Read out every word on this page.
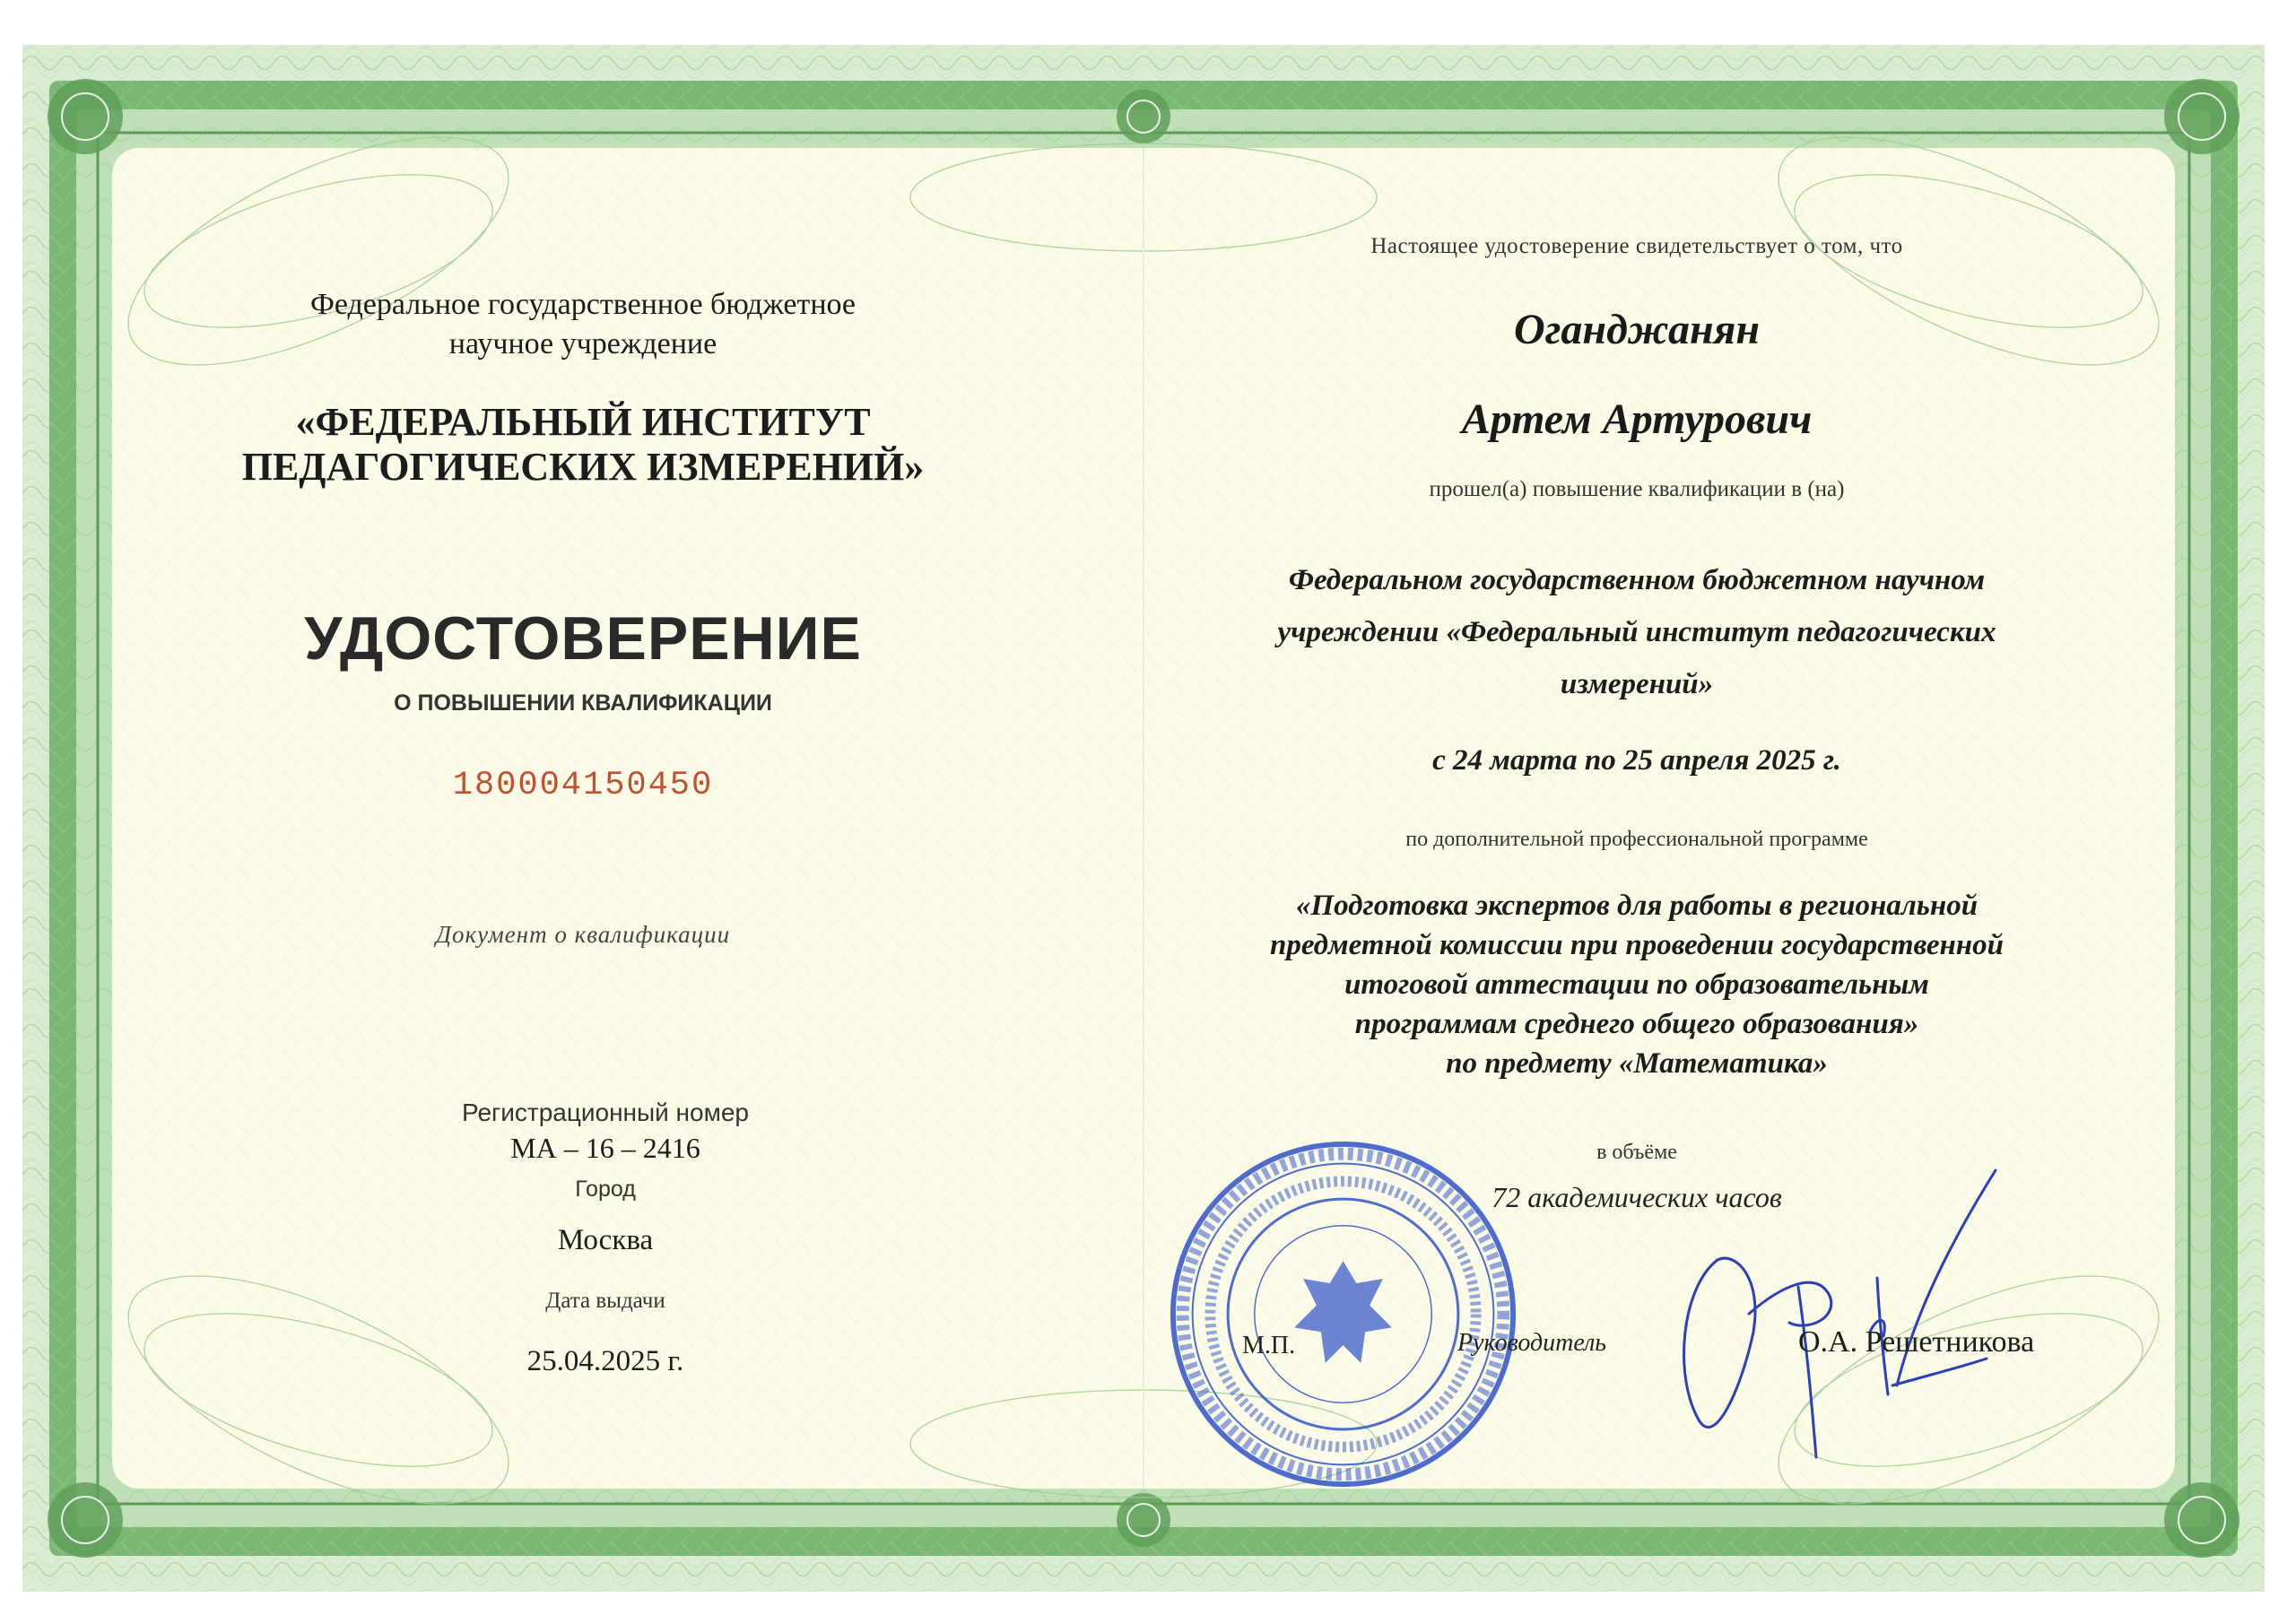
Федеральное государственное бюджетное
научное учреждение
«ФЕДЕРАЛЬНЫЙ ИНСТИТУТ
ПЕДАГОГИЧЕСКИХ ИЗМЕРЕНИЙ»
УДОСТОВЕРЕНИЕ
О ПОВЫШЕНИИ КВАЛИФИКАЦИИ
180004150450
Документ о квалификации
Регистрационный номер
МА – 16 – 2416
Город
Москва
Дата выдачи
25.04.2025 г.
Настоящее удостоверение свидетельствует о том, что
Оганджанян
Артем Артурович
прошел(а) повышение квалификации в (на)
Федеральном государственном бюджетном научном
учреждении «Федеральный институт педагогических
измерений»
с 24 марта по 25 апреля 2025 г.
по дополнительной профессиональной программе
«Подготовка экспертов для работы в региональной
предметной комиссии при проведении государственной
итоговой аттестации по образовательным
программам среднего общего образования»
по предмету «Математика»
в объёме
72 академических часов
М.П.	Руководитель	О.А. Решетникова
